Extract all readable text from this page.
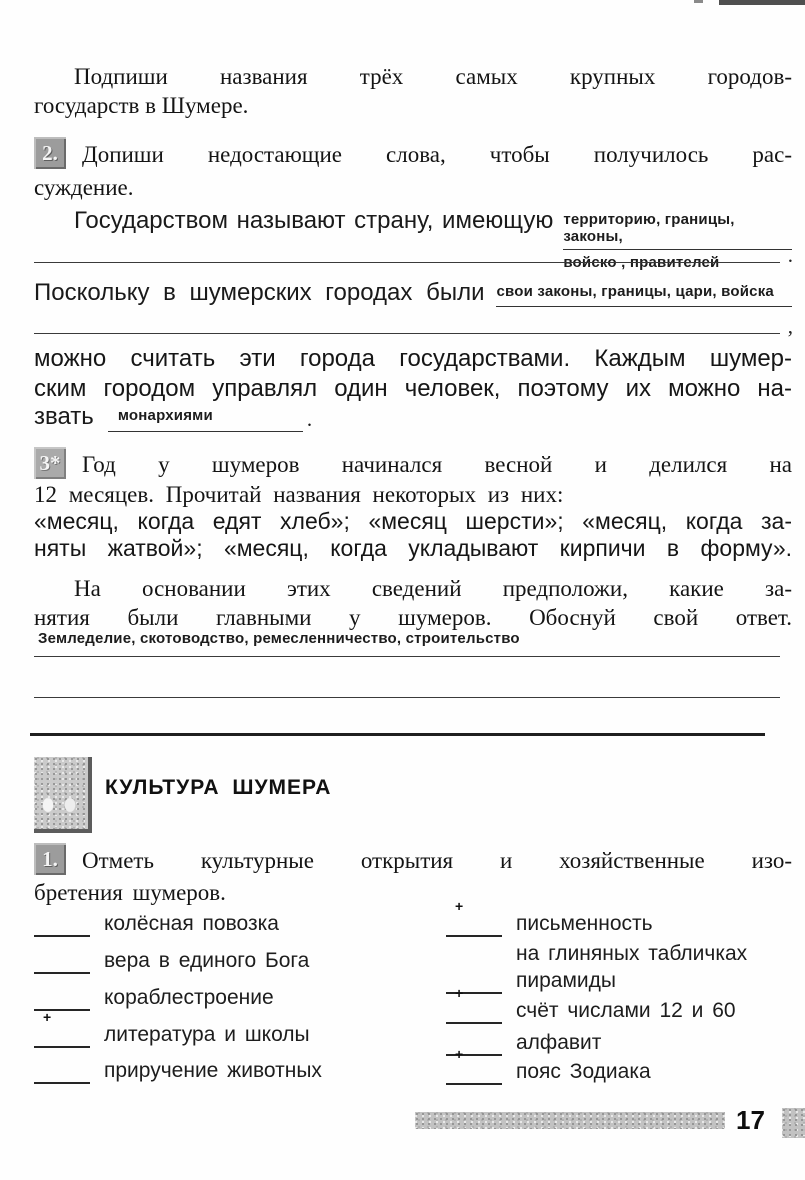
Подпиши названия трёх самых крупных городов-
государств в Шумере.
2.	Допиши недостающие слова, чтобы получилось рас-
суждение.
Государством называют страну, имеющую территорию, границы, законы,
войско , правителей	.
Поскольку в шумерских городах были свои законы, границы, цари, войска
,
можно считать эти города государствами. Каждым шумер-
ским городом управлял один человек, поэтому их можно на-
звать	монархиями	.
3* Год у шумеров начинался весной и делился на
12 месяцев. Прочитай названия некоторых из них:
«месяц, когда едят хлеб»; «месяц шерсти»; «месяц, когда за-
няты жатвой»; «месяц, когда укладывают кирпичи в форму».
На основании этих сведений предположи, какие за-
нятия были главными у шумеров. Обоснуй свой ответ.
Земледелие, скотоводство, ремесленничество, строительство
КУЛЬТУРА ШУМЕРА
1.	Отметь культурные открытия и хозяйственные изо-
бретения шумеров.
колёсная повозка
вера в единого Бога
кораблестроение
+
литература и школы
приручение животных
+
письменность
на глиняных табличках
пирамиды
+
счёт числами 12 и 60
алфавит
+
пояс Зодиака
17
